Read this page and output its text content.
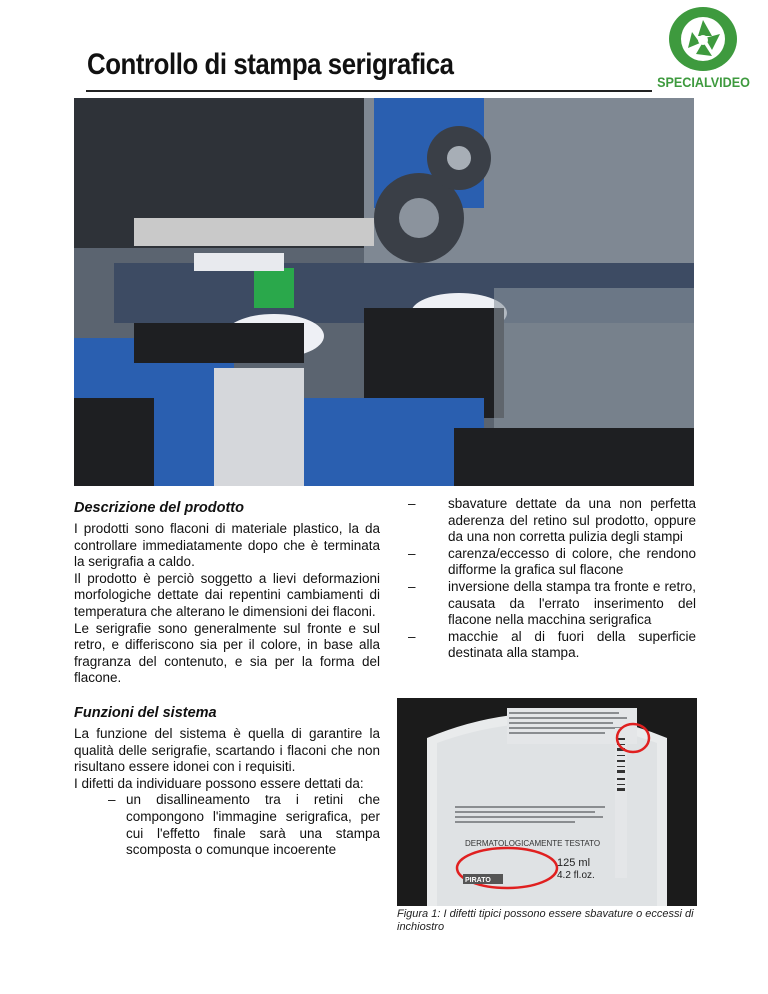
Controllo di stampa serigrafica
SPECIALVIDEO
Descrizione del prodotto

I prodotti sono flaconi di materiale plastico, la da controllare immediatamente dopo che è terminata la serigrafia a caldo.

Il prodotto è perciò soggetto a lievi deformazioni morfologiche dettate dai repentini cambiamenti di temperatura che alterano le dimensioni dei flaconi.

Le serigrafie sono generalmente sul fronte e sul retro, e differiscono sia per il colore, in base alla fragranza del contenuto, e sia per la forma del flacone.

Funzioni del sistema

La funzione del sistema è quella di garantire la qualità delle serigrafie, scartando i flaconi che non risultano essere idonei con i requisiti.

I difetti da individuare possono essere dettati da:

– un disallineamento tra i retini che compongono l'immagine serigrafica, per cui l'effetto finale sarà una stampa scomposta o comunque incoerente
– sbavature dettate da una non perfetta aderenza del retino sul prodotto, oppure da una non corretta pulizia degli stampi
– carenza/eccesso di colore, che rendono difforme la grafica sul flacone
– inversione della stampa tra fronte e retro, causata da l'errato inserimento del flacone nella macchina serigrafica
– macchie al di fuori della superficie destinata alla stampa.
DERMATOLOGICAMENTE TESTATO
125 ml
4.2 fl.oz.
PIRATO
Figura 1: I difetti tipici possono essere sbavature o eccessi di inchiostro
